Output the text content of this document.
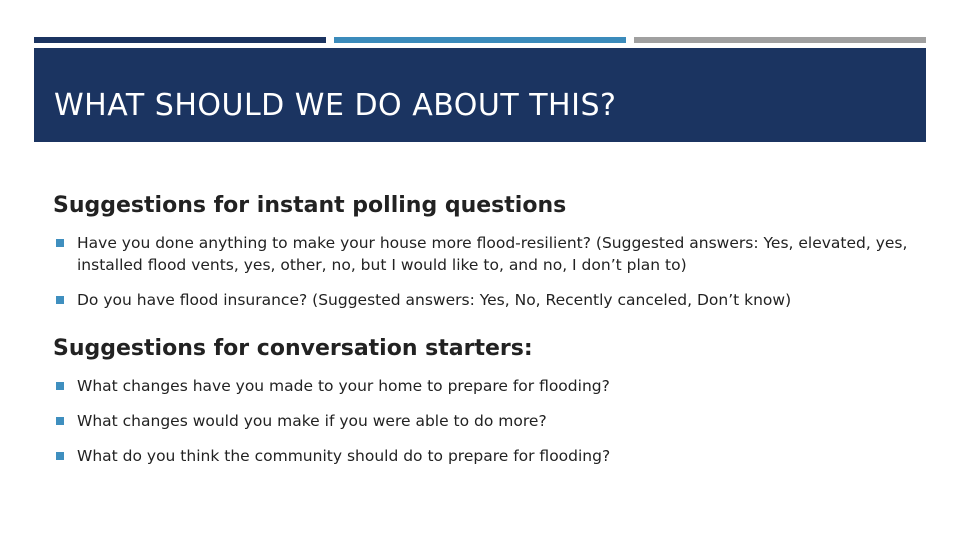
WHAT SHOULD WE DO ABOUT THIS?
Suggestions for instant polling questions
Have you done anything to make your house more flood-resilient? (Suggested answers: Yes, elevated, yes, installed flood vents, yes, other, no, but I would like to, and no, I don’t plan to)
Do you have flood insurance? (Suggested answers: Yes, No, Recently canceled, Don’t know)
Suggestions for conversation starters:
What changes have you made to your home to prepare for flooding?
What changes would you make if you were able to do more?
What do you think the community should do to prepare for flooding?
